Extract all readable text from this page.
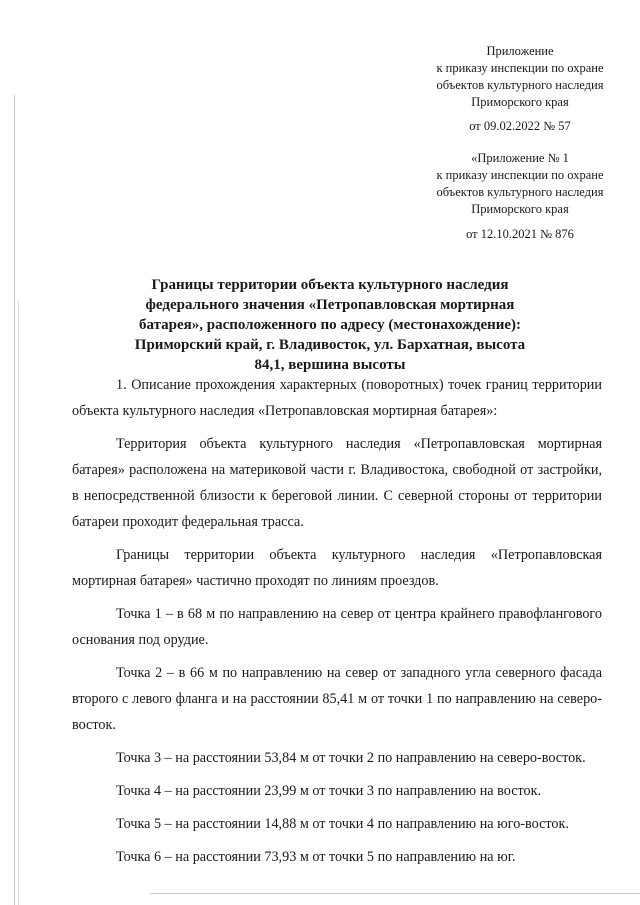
Приложение
к приказу инспекции по охране
объектов культурного наследия
Приморского края
от 09.02.2022 № 57
«Приложение № 1
к приказу инспекции по охране
объектов культурного наследия
Приморского края
от 12.10.2021 № 876
Границы территории объекта культурного наследия
федерального значения «Петропавловская мортирная
батарея», расположенного по адресу (местонахождение):
Приморский край, г. Владивосток, ул. Бархатная, высота
84,1, вершина высоты

1. Описание прохождения характерных (поворотных) точек границ территории объекта культурного наследия «Петропавловская мортирная батарея»:

Территория объекта культурного наследия «Петропавловская мортирная батарея» расположена на материковой части г. Владивостока, свободной от застройки, в непосредственной близости к береговой линии. С северной стороны от территории батареи проходит федеральная трасса.

Границы территории объекта культурного наследия «Петропавловская мортирная батарея» частично проходят по линиям проездов.

Точка 1 – в 68 м по направлению на север от центра крайнего правофлангового основания под орудие.

Точка 2 – в 66 м по направлению на север от западного угла северного фасада второго с левого фланга и на расстоянии 85,41 м от точки 1 по направлению на северо-восток.

Точка 3 – на расстоянии 53,84 м от точки 2 по направлению на северо-восток.

Точка 4 – на расстоянии 23,99 м от точки 3 по направлению на восток.

Точка 5 – на расстоянии 14,88 м от точки 4 по направлению на юго-восток.

Точка 6 – на расстоянии 73,93 м от точки 5 по направлению на юг.
